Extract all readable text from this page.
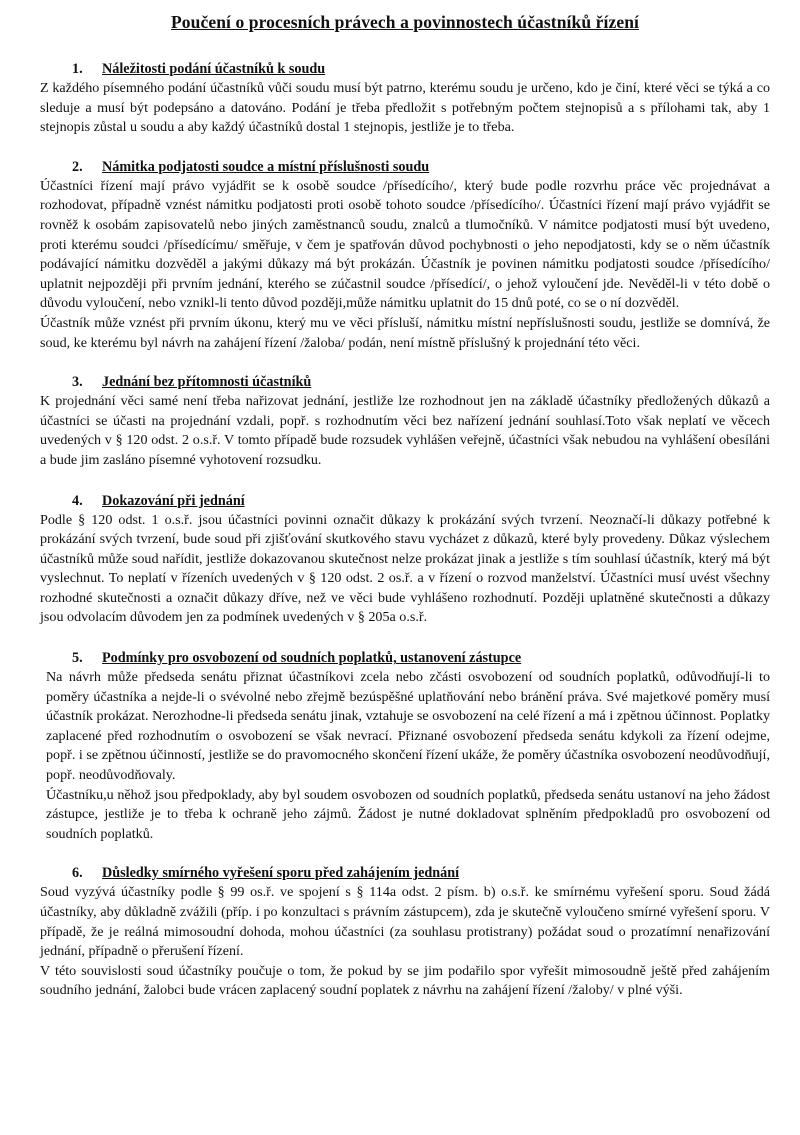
Poučení o procesních právech a povinnostech účastníků řízení
1.	Náležitosti podání účastníků k soudu

Z každého písemného podání účastníků vůči soudu musí být patrno, kterému soudu je určeno, kdo je činí, které věci se týká a co sleduje a musí být podepsáno a datováno. Podání je třeba předložit s potřebným počtem stejnopisů a s přílohami tak, aby 1 stejnopis zůstal u soudu a aby každý účastníků dostal 1 stejnopis, jestliže je to třeba.

2.	Námitka podjatosti soudce a místní příslušnosti soudu

Účastníci řízení mají právo vyjádřit se k osobě soudce /přísedícího/, který bude podle rozvrhu práce věc projednávat a rozhodovat, případně vznést námitku podjatosti proti osobě tohoto soudce /přísedícího/. Účastníci řízení mají právo vyjádřit se rovněž k osobám zapisovatelů nebo jiných zaměstnanců soudu, znalců a tlumočníků. V námitce podjatosti musí být uvedeno, proti kterému soudci /přísedícímu/ směřuje, v čem je spatřován důvod pochybnosti o jeho nepodjatosti, kdy se o něm účastník podávající námitku dozvěděl a jakými důkazy má být prokázán. Účastník je povinen námitku podjatosti soudce /přísedícího/ uplatnit nejpozději při prvním jednání, kterého se zúčastnil soudce /přísedící/, o jehož vyloučení jde. Nevěděl-li v této době o důvodu vyloučení, nebo vznikl-li tento důvod později,může námitku uplatnit do 15 dnů poté, co se o ní dozvěděl.

Účastník může vznést při prvním úkonu, který mu ve věci přísluší, námitku místní nepříslušnosti soudu, jestliže se domnívá, že soud, ke kterému byl návrh na zahájení řízení /žaloba/ podán, není místně příslušný k projednání této věci.

3.	Jednání bez přítomnosti účastníků

K projednání věci samé není třeba nařizovat jednání, jestliže lze rozhodnout jen na základě účastníky předložených důkazů a účastníci se účasti na projednání vzdali, popř. s rozhodnutím věci bez nařízení jednání souhlasí.Toto však neplatí ve věcech uvedených v § 120 odst. 2 o.s.ř. V tomto případě bude rozsudek vyhlášen veřejně, účastníci však nebudou na vyhlášení obesíláni a bude jim zasláno písemné vyhotovení rozsudku.

4.	Dokazování při jednání

Podle § 120 odst. 1 o.s.ř. jsou účastníci povinni označit důkazy k prokázání svých tvrzení. Neoznačí-li důkazy potřebné k prokázání svých tvrzení, bude soud při zjišťování skutkového stavu vycházet z důkazů, které byly provedeny. Důkaz výslechem účastníků může soud nařídit, jestliže dokazovanou skutečnost nelze prokázat jinak a jestliže s tím souhlasí účastník, který má být vyslechnut. To neplatí v řízeních uvedených v § 120 odst. 2 os.ř. a v řízení o rozvod manželství. Účastníci musí uvést všechny rozhodné skutečnosti a označit důkazy dříve, než ve věci bude vyhlášeno rozhodnutí. Později uplatněné skutečnosti a důkazy jsou odvolacím důvodem jen za podmínek uvedených v § 205a o.s.ř.

5.	Podmínky pro osvobození od soudních poplatků, ustanovení zástupce

Na návrh může předseda senátu přiznat účastníkovi zcela nebo zčásti osvobození od soudních poplatků, odůvodňují-li to poměry účastníka a nejde-li o svévolné nebo zřejmě bezúspěšné uplatňování nebo bránění práva. Své majetkové poměry musí účastník prokázat. Nerozhodne-li předseda senátu jinak, vztahuje se osvobození na celé řízení a má i zpětnou účinnost. Poplatky zaplacené před rozhodnutím o osvobození se však nevrací. Přiznané osvobození předseda senátu kdykoli za řízení odejme, popř. i se zpětnou účinností, jestliže se do pravomocného skončení řízení ukáže, že poměry účastníka osvobození neodůvodňují, popř. neodůvodňovaly.

Účastníku,u něhož jsou předpoklady, aby byl soudem osvobozen od soudních poplatků, předseda senátu ustanoví na jeho žádost zástupce, jestliže je to třeba k ochraně jeho zájmů. Žádost je nutné dokladovat splněním předpokladů pro osvobození od soudních poplatků.

6.	Důsledky smírného vyřešení sporu před zahájením jednání

Soud vyzývá účastníky podle § 99 os.ř. ve spojení s § 114a odst. 2 písm. b) o.s.ř. ke smírnému vyřešení sporu. Soud žádá účastníky, aby důkladně zvážili (příp. i po konzultaci s právním zástupcem), zda je skutečně vyloučeno smírné vyřešení sporu. V případě, že je reálná mimosoudní dohoda, mohou účastníci (za souhlasu protistrany) požádat soud o prozatímní nenařizování jednání, případně o přerušení řízení.

V této souvislosti soud účastníky poučuje o tom, že pokud by se jim podařilo spor vyřešit mimosoudně ještě před zahájením soudního jednání, žalobci bude vrácen zaplacený soudní poplatek z návrhu na zahájení řízení /žaloby/ v plné výši.
